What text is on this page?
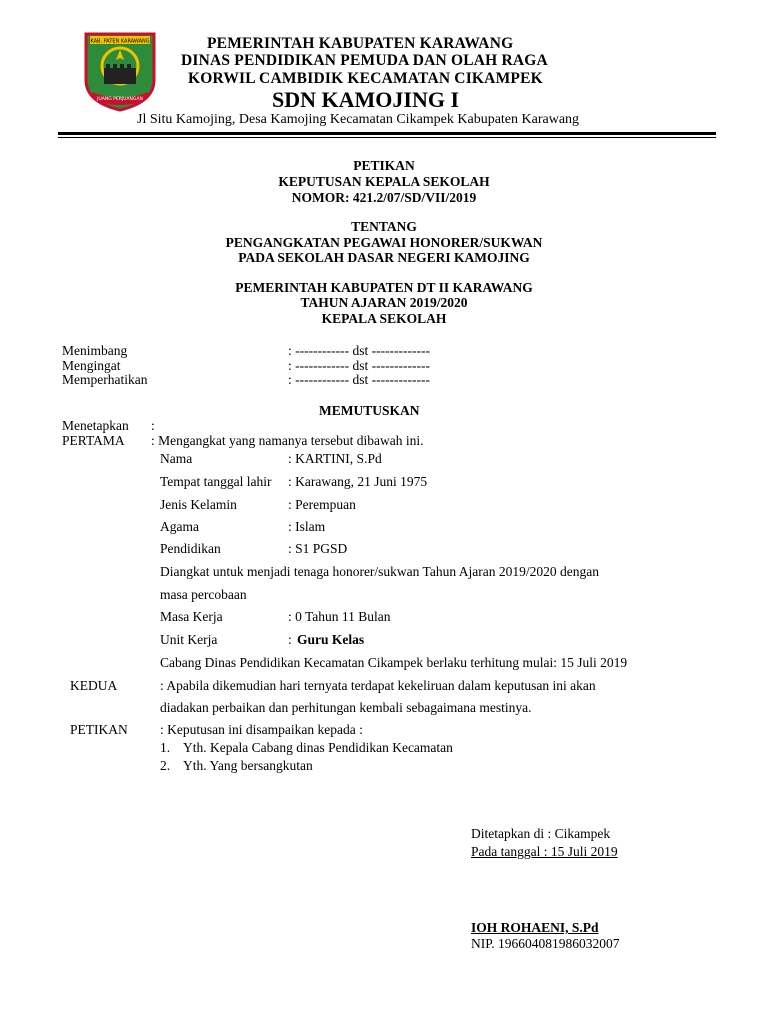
KAB. PATEN KARAWANG
JUANG PERJUANGAN
PEMERINTAH KABUPATEN KARAWANG
DINAS PENDIDIKAN PEMUDA DAN OLAH RAGA
KORWIL CAMBIDIK KECAMATAN CIKAMPEK
SDN KAMOJING I
Jl Situ Kamojing, Desa Kamojing Kecamatan Cikampek Kabupaten Karawang
PETIKAN
KEPUTUSAN KEPALA SEKOLAH
NOMOR: 421.2/07/SD/VII/2019
TENTANG
PENGANGKATAN PEGAWAI HONORER/SUKWAN
PADA SEKOLAH DASAR NEGERI KAMOJING
PEMERINTAH KABUPATEN DT II KARAWANG
TAHUN AJARAN 2019/2020
KEPALA SEKOLAH
Menimbang	: ------------ dst -------------
Mengingat	: ------------ dst -------------
Memperhatikan	: ------------ dst -------------
MEMUTUSKAN
Menetapkan :
PERTAMA : Mengangkat yang namanya tersebut dibawah ini.
Nama	: KARTINI, S.Pd
Tempat tanggal lahir : Karawang, 21 Juni 1975
Jenis Kelamin	: Perempuan
Agama	: Islam
Pendidikan	: S1 PGSD
Diangkat untuk menjadi tenaga honorer/sukwan Tahun Ajaran 2019/2020 dengan
masa percobaan
Masa Kerja	: 0 Tahun 11 Bulan
Unit Kerja	: Guru Kelas
Cabang Dinas Pendidikan Kecamatan Cikampek berlaku terhitung mulai: 15 Juli 2019
KEDUA	: Apabila dikemudian hari ternyata terdapat kekeliruan dalam keputusan ini akan
diadakan perbaikan dan perhitungan kembali sebagaimana mestinya.
PETIKAN : Keputusan ini disampaikan kepada :
1. Yth. Kepala Cabang dinas Pendidikan Kecamatan
2. Yth. Yang bersangkutan
Ditetapkan di : Cikampek
Pada tanggal : 15 Juli 2019
IOH ROHAENI, S.Pd
NIP. 196604081986032007
